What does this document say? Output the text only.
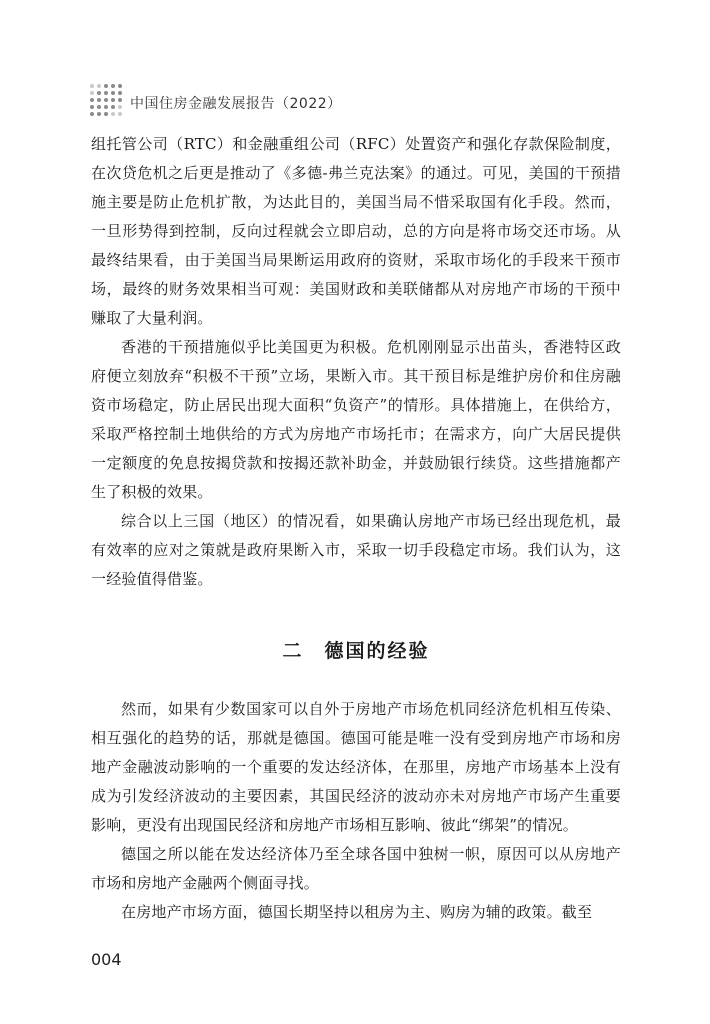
中国住房金融发展报告（2022）

组托管公司（RTC）和金融重组公司（RFC）处置资产和强化存款保险制度，在次贷危机之后更是推动了《多德-弗兰克法案》的通过。可见，美国的干预措施主要是防止危机扩散，为达此目的，美国当局不惜采取国有化手段。然而，一旦形势得到控制，反向过程就会立即启动，总的方向是将市场交还市场。从最终结果看，由于美国当局果断运用政府的资财，采取市场化的手段来干预市场，最终的财务效果相当可观：美国财政和美联储都从对房地产市场的干预中赚取了大量利润。

香港的干预措施似乎比美国更为积极。危机刚刚显示出苗头，香港特区政府便立刻放弃“积极不干预”立场，果断入市。其干预目标是维护房价和住房融资市场稳定，防止居民出现大面积“负资产”的情形。具体措施上，在供给方，采取严格控制土地供给的方式为房地产市场托市；在需求方，向广大居民提供一定额度的免息按揭贷款和按揭还款补助金，并鼓励银行续贷。这些措施都产生了积极的效果。

综合以上三国（地区）的情况看，如果确认房地产市场已经出现危机，最有效率的应对之策就是政府果断入市，采取一切手段稳定市场。我们认为，这一经验值得借鉴。

二　德国的经验

然而，如果有少数国家可以自外于房地产市场危机同经济危机相互传染、相互强化的趋势的话，那就是德国。德国可能是唯一没有受到房地产市场和房地产金融波动影响的一个重要的发达经济体，在那里，房地产市场基本上没有成为引发经济波动的主要因素，其国民经济的波动亦未对房地产市场产生重要影响，更没有出现国民经济和房地产市场相互影响、彼此“绑架”的情况。

德国之所以能在发达经济体乃至全球各国中独树一帜，原因可以从房地产市场和房地产金融两个侧面寻找。

在房地产市场方面，德国长期坚持以租房为主、购房为辅的政策。截至

004
